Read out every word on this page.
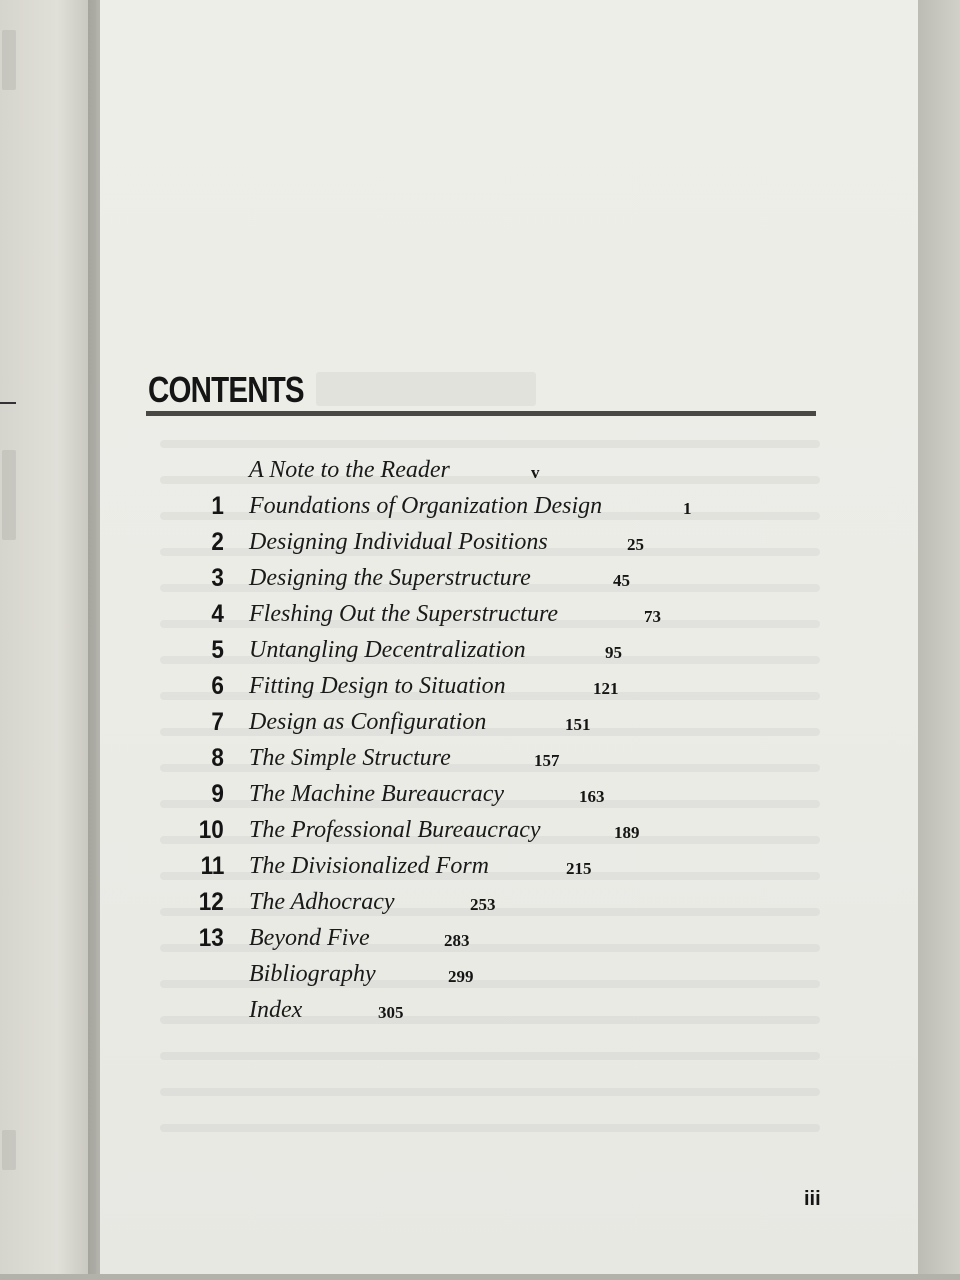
CONTENTS
A Note to the Reader	v
1 Foundations of Organization Design	1
2 Designing Individual Positions	25
3 Designing the Superstructure	45
4 Fleshing Out the Superstructure	73
5 Untangling Decentralization	95
6 Fitting Design to Situation	121
7 Design as Configuration	151
8 The Simple Structure	157
9 The Machine Bureaucracy	163
10 The Professional Bureaucracy	189
11 The Divisionalized Form	215
12 The Adhocracy	253
13 Beyond Five	283
Bibliography	299
Index	305
iii
